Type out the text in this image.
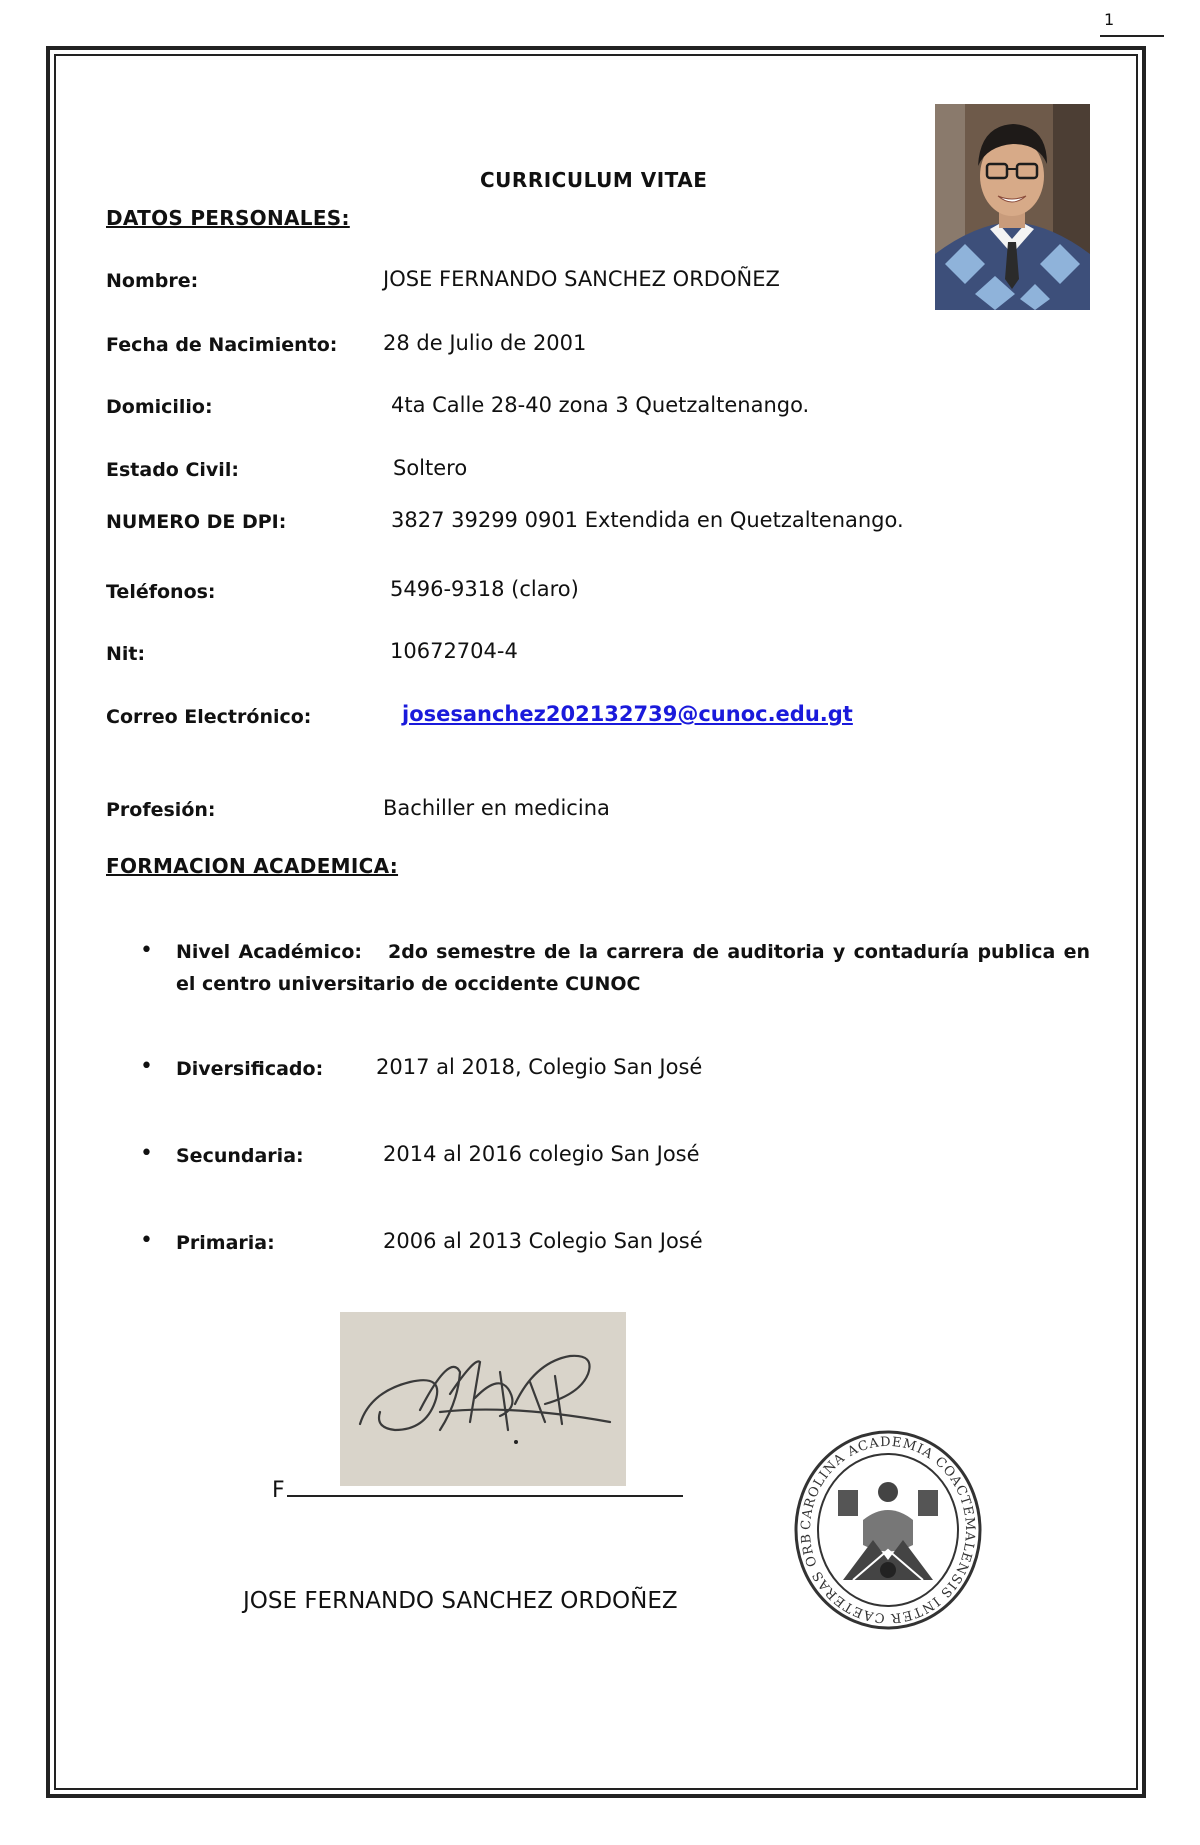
1
CURRICULUM VITAE
DATOS PERSONALES:
Nombre:	JOSE FERNANDO SANCHEZ ORDOÑEZ
Fecha de Nacimiento: 28 de Julio de 2001
Domicilio:	4ta Calle 28-40 zona 3 Quetzaltenango.
Estado Civil:	Soltero
NUMERO DE DPI:	3827 39299 0901 Extendida en Quetzaltenango.
Teléfonos:	5496-9318 (claro)
Nit:	10672704-4
Correo Electrónico:	josesanchez202132739@cunoc.edu.gt
Profesión:	Bachiller en medicina
FORMACION ACADEMICA:
• Nivel Académico: 2do semestre de la carrera de auditoria y contaduría publica en el centro universitario de occidente CUNOC
• Diversificado:	2017 al 2018, Colegio San José
• Secundaria:	2014 al 2016 colegio San José
• Primaria:	2006 al 2013 Colegio San José
F
JOSE FERNANDO SANCHEZ ORDOÑEZ
CAROLINA ACADEMIA COACTEMALENSIS INTER CAETERAS ORB
